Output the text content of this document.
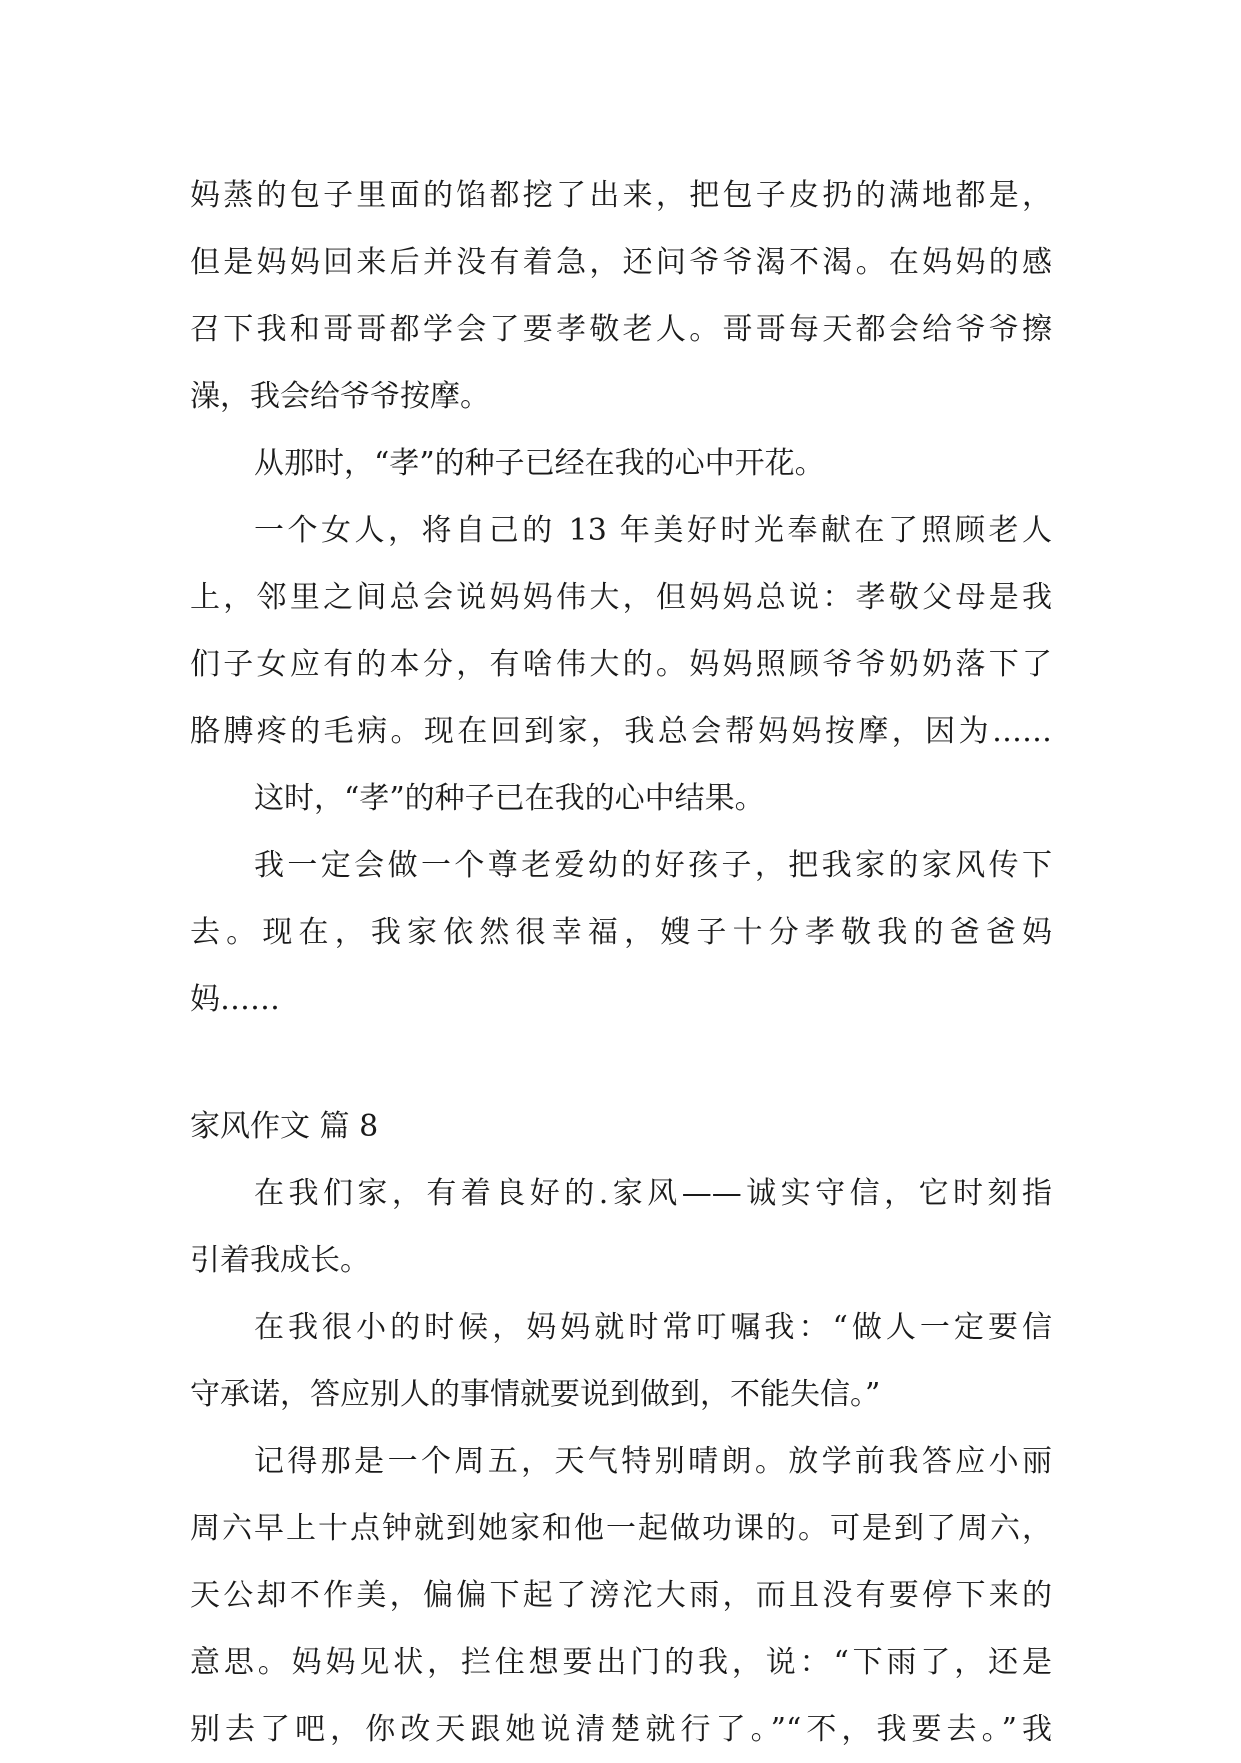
妈蒸的包子里面的馅都挖了出来，把包子皮扔的满地都是，
但是妈妈回来后并没有着急，还问爷爷渴不渴。在妈妈的感
召下我和哥哥都学会了要孝敬老人。哥哥每天都会给爷爷擦
澡，我会给爷爷按摩。
从那时，“孝”的种子已经在我的心中开花。
一个女人，将自己的 13 年美好时光奉献在了照顾老人
上，邻里之间总会说妈妈伟大，但妈妈总说：孝敬父母是我
们子女应有的本分，有啥伟大的。妈妈照顾爷爷奶奶落下了
胳膊疼的毛病。现在回到家，我总会帮妈妈按摩，因为……
这时，“孝”的种子已在我的心中结果。
我一定会做一个尊老爱幼的好孩子，把我家的家风传下
去。现在，我家依然很幸福，嫂子十分孝敬我的爸爸妈
妈……
家风作文 篇 8
在我们家，有着良好的.家风——诚实守信，它时刻指
引着我成长。
在我很小的时候，妈妈就时常叮嘱我：“做人一定要信
守承诺，答应别人的事情就要说到做到，不能失信。”
记得那是一个周五，天气特别晴朗。放学前我答应小丽
周六早上十点钟就到她家和他一起做功课的。可是到了周六，
天公却不作美，偏偏下起了滂沱大雨，而且没有要停下来的
意思。妈妈见状，拦住想要出门的我，说：“下雨了，还是
别去了吧，你改天跟她说清楚就行了。”“不，我要去。”我
